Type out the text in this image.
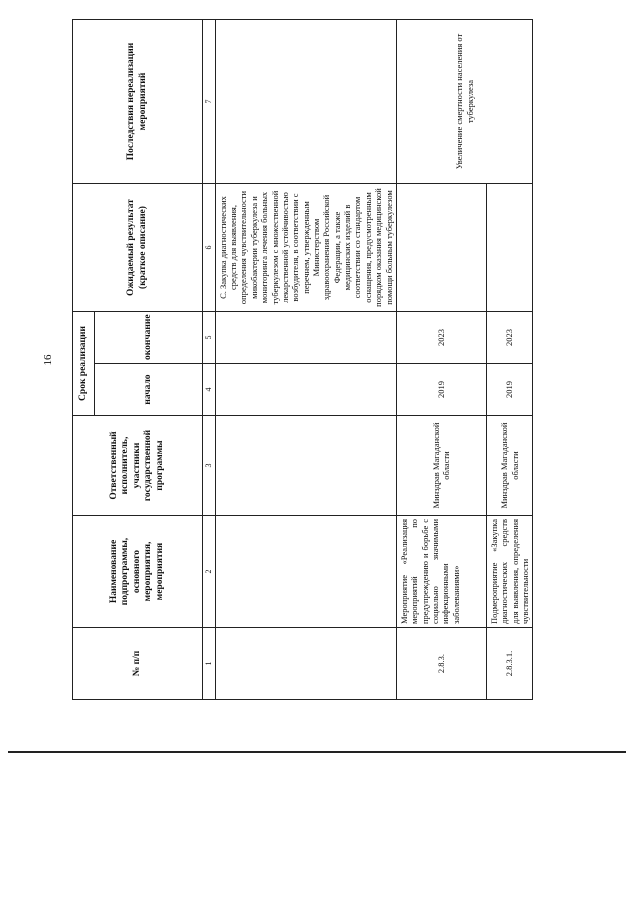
16
№ п/п	Наименование подпрограммы, основного мероприятия, мероприятия	Ответственный исполнитель, участники государственной программы	Срок реализации		Ожидаемый результат (краткое описание)	Последствия нереализации мероприятий
			начало	окончание		
1	2	3	4	5	6	7
					С. Закупка диагностических средств для выявления, определения чувствительности микобактерии туберкулеза и мониторинга лечения больных туберкулезом с множественной лекарственной устойчивостью возбудителя, в соответствии с перечнем, утвержденным Министерством здравоохранения Российской Федерации, а также медицинских изделий в соответствии со стандартом оснащения, предусмотренным порядком оказания медицинской помощи больным туберкулезом	
2.8.3.	Мероприятие «Реализация мероприятий по предупреждению и борьбе с социально значимыми инфекционными заболеваниями»	Минздрав Магаданской области	2019	2023		Увеличение смертности населения от туберкулеза
2.8.3.1.	Подмероприятие «Закупка диагностических средств для выявления, определения чувствительности	Минздрав Магаданской области	2019	2023		
